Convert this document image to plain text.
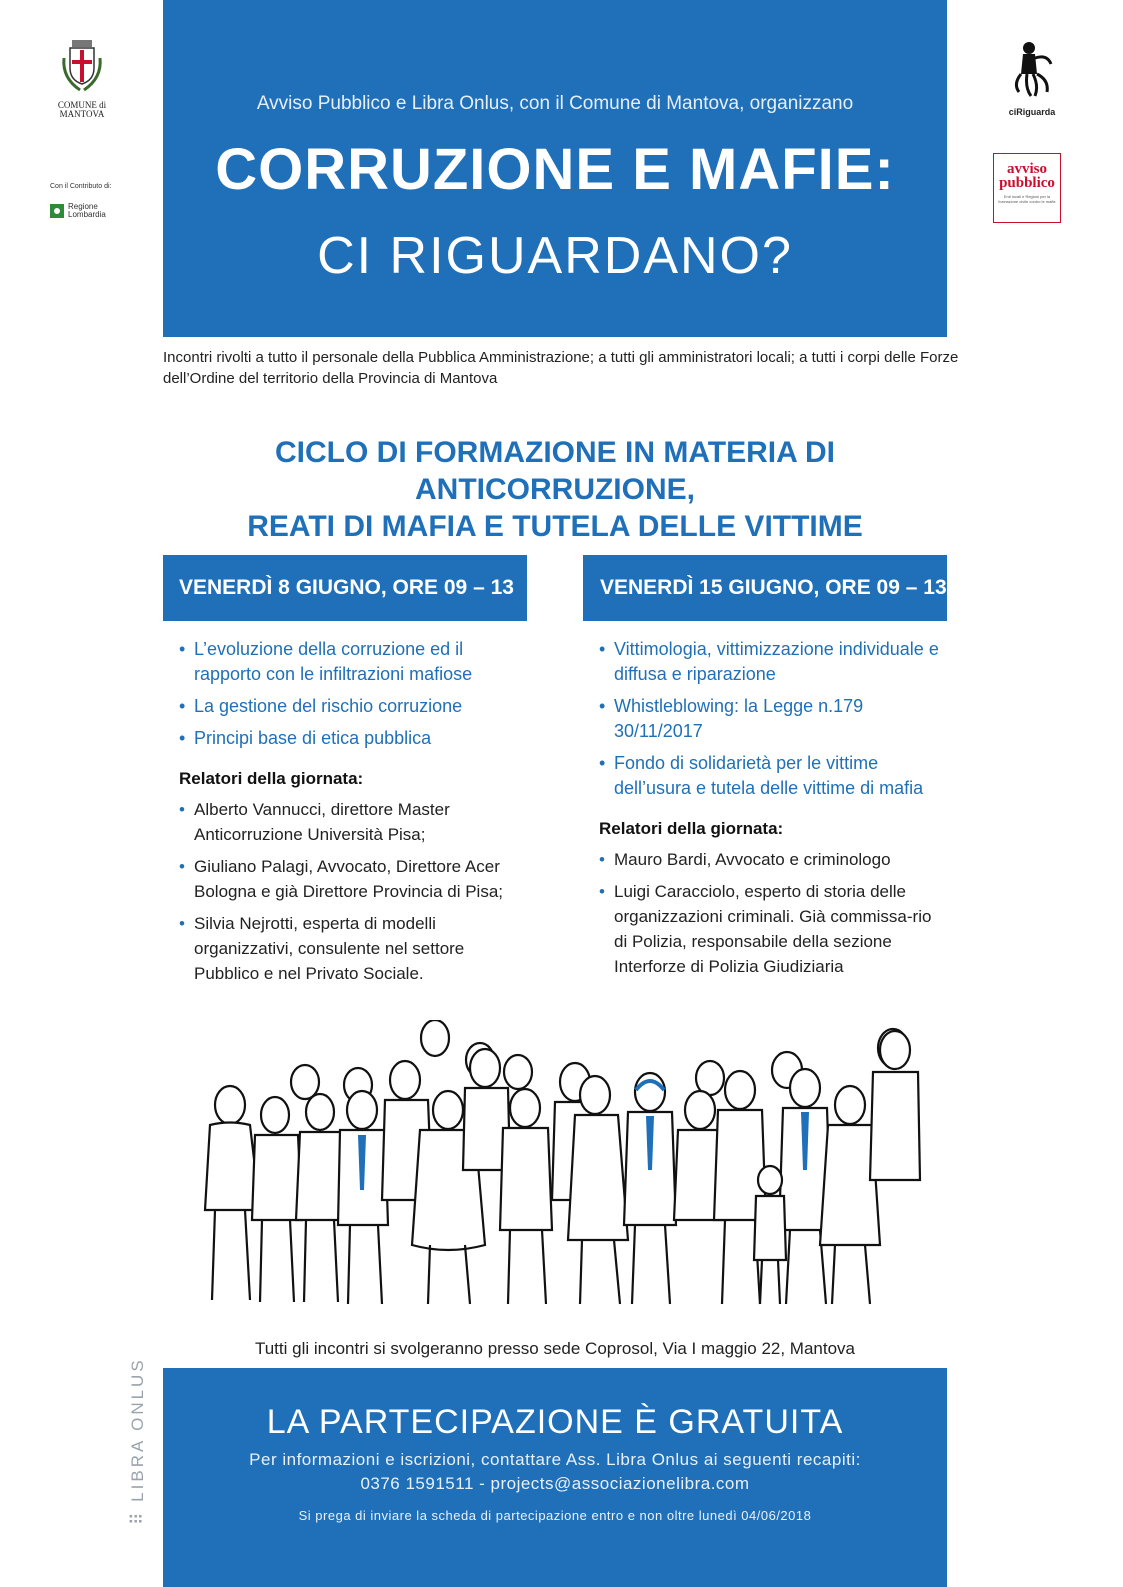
COMUNE di MANTOVA
Con il Contributo di:
Regione
Lombardia
ciRiguarda
avviso
pubblico
Enti locali e Regioni per la formazione civile contro le mafie
Avviso Pubblico e Libra Onlus, con il Comune di Mantova, organizzano
CORRUZIONE E MAFIE:
CI RIGUARDANO?
Incontri rivolti a tutto il personale della Pubblica Amministrazione; a tutti gli amministratori locali; a tutti i corpi delle Forze dell’Ordine del territorio della Provincia di Mantova
CICLO DI FORMAZIONE IN MATERIA DI ANTICORRUZIONE,
REATI DI MAFIA E TUTELA DELLE VITTIME
VENERDÌ 8 GIUGNO, ORE 09 – 13
• L’evoluzione della corruzione ed il rapporto con le infiltrazioni mafiose
• La gestione del rischio corruzione
• Principi base di etica pubblica
Relatori della giornata:
• Alberto Vannucci, direttore Master Anticorruzione Università Pisa;
• Giuliano Palagi, Avvocato, Direttore Acer Bologna e già Direttore Provincia di Pisa;
• Silvia Nejrotti, esperta di modelli organizzativi, consulente nel settore Pubblico e nel Privato Sociale.
VENERDÌ 15 GIUGNO, ORE 09 – 13
• Vittimologia, vittimizzazione individuale e diffusa e riparazione
• Whistleblowing: la Legge n.179 30/11/2017
• Fondo di solidarietà per le vittime dell’usura e tutela delle vittime di mafia
Relatori della giornata:
• Mauro Bardi, Avvocato e criminologo
• Luigi Caracciolo, esperto di storia delle organizzazioni criminali. Già commissa-rio di Polizia, responsabile della sezione Interforze di Polizia Giudiziaria
Tutti gli incontri si svolgeranno presso sede Coprosol, Via I maggio 22, Mantova
LA PARTECIPAZIONE È GRATUITA
Per informazioni e iscrizioni, contattare Ass. Libra Onlus ai seguenti recapiti:
0376 1591511 - projects@associazionelibra.com
Si prega di inviare la scheda di partecipazione entro e non oltre lunedì 04/06/2018
⠿ LIBRA ONLUS
